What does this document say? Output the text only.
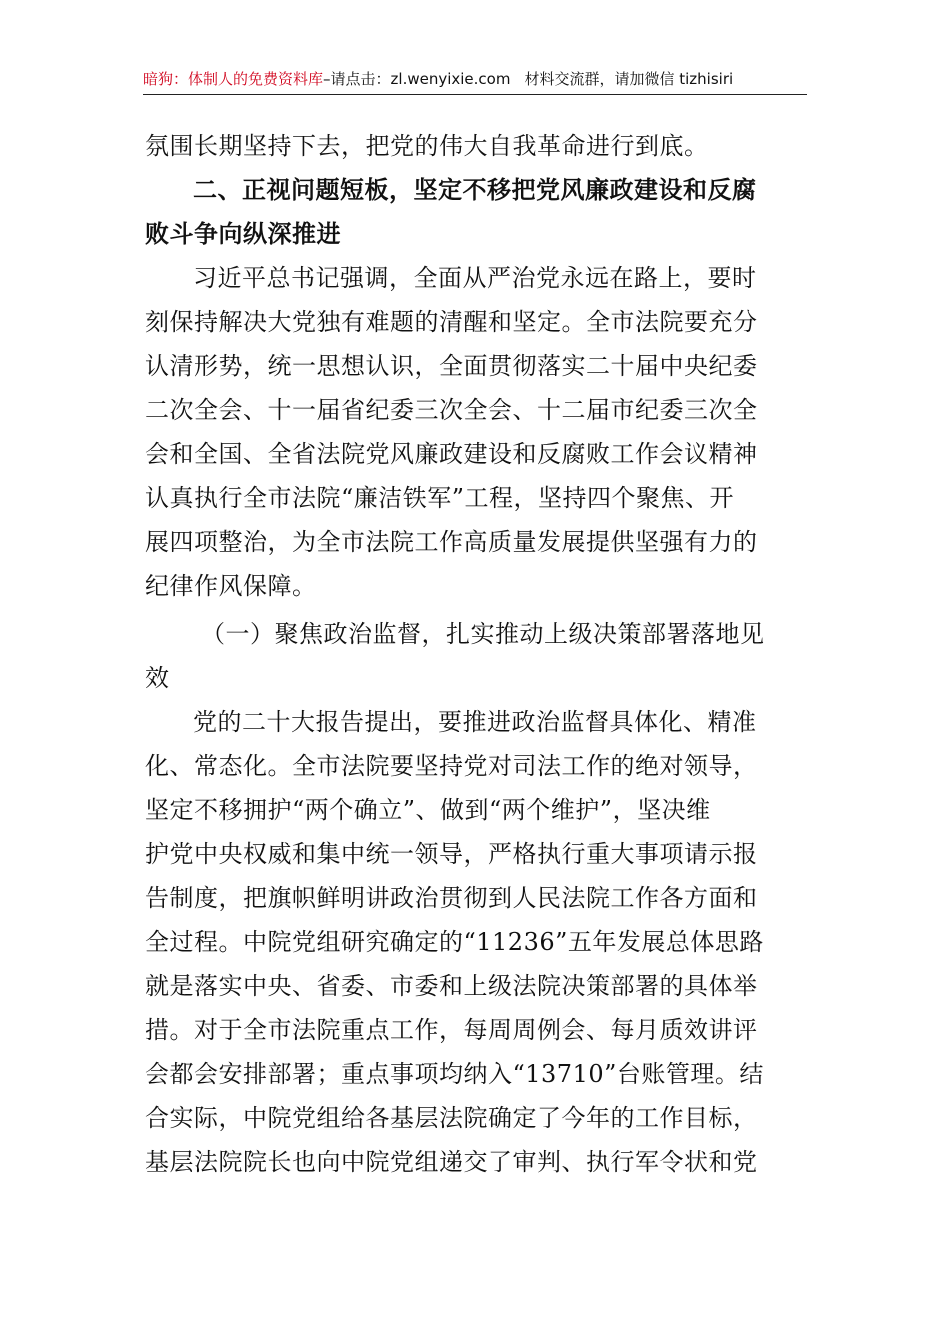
暗狗：体制人的免费资料库–请点击：zl.wenyixie.com 材料交流群，请加微信 tizhisiri
氛围长期坚持下去，把党的伟大自我革命进行到底。
二、正视问题短板，坚定不移把党风廉政建设和反腐
败斗争向纵深推进
习近平总书记强调，全面从严治党永远在路上，要时
刻保持解决大党独有难题的清醒和坚定。全市法院要充分
认清形势，统一思想认识，全面贯彻落实二十届中央纪委
二次全会、十一届省纪委三次全会、十二届市纪委三次全
会和全国、全省法院党风廉政建设和反腐败工作会议精神
认真执行全市法院“廉洁铁军”工程，坚持四个聚焦、开
展四项整治，为全市法院工作高质量发展提供坚强有力的
纪律作风保障。
（一）聚焦政治监督，扎实推动上级决策部署落地见
效
党的二十大报告提出，要推进政治监督具体化、精准
化、常态化。全市法院要坚持党对司法工作的绝对领导，
坚定不移拥护“两个确立”、做到“两个维护”，坚决维
护党中央权威和集中统一领导，严格执行重大事项请示报
告制度，把旗帜鲜明讲政治贯彻到人民法院工作各方面和
全过程。中院党组研究确定的“11236”五年发展总体思路
就是落实中央、省委、市委和上级法院决策部署的具体举
措。对于全市法院重点工作，每周周例会、每月质效讲评
会都会安排部署；重点事项均纳入“13710”台账管理。结
合实际，中院党组给各基层法院确定了今年的工作目标，
基层法院院长也向中院党组递交了审判、执行军令状和党
